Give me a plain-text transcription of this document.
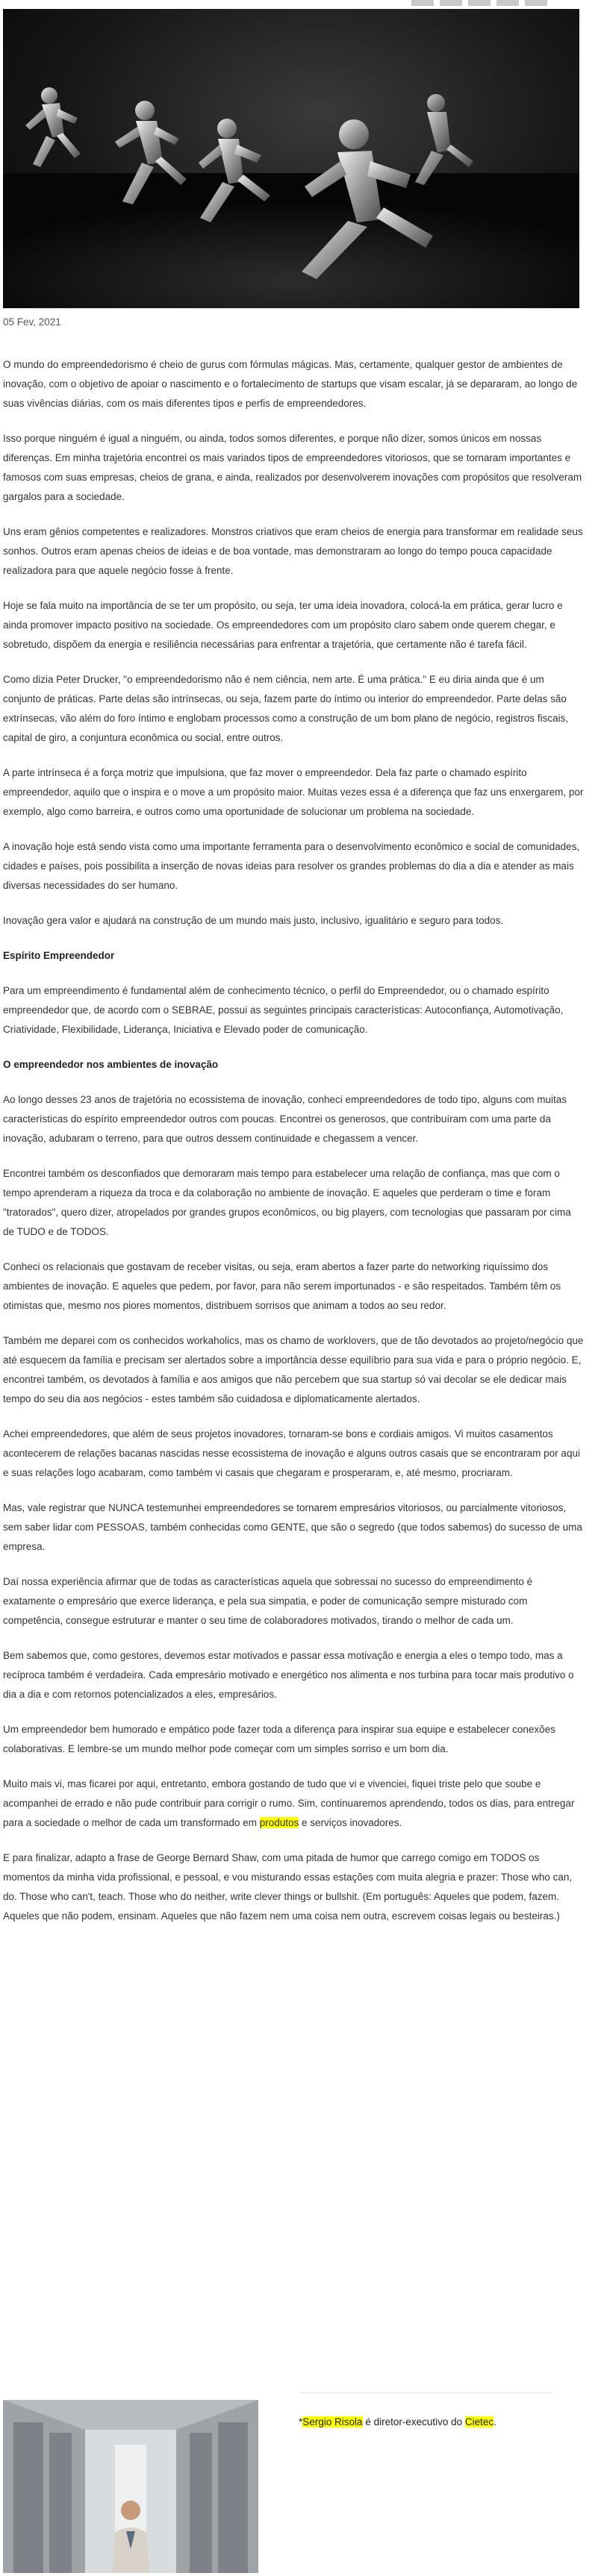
05 Fev, 2021

O mundo do empreendedorismo é cheio de gurus com fórmulas mágicas. Mas, certamente, qualquer gestor de ambientes de inovação, com o objetivo de apoiar o nascimento e o fortalecimento de startups que visam escalar, já se depararam, ao longo de suas vivências diárias, com os mais diferentes tipos e perfis de empreendedores.

Isso porque ninguém é igual a ninguém, ou ainda, todos somos diferentes, e porque não dizer, somos únicos em nossas diferenças. Em minha trajetória encontrei os mais variados tipos de empreendedores vitoriosos, que se tornaram importantes e famosos com suas empresas, cheios de grana, e ainda, realizados por desenvolverem inovações com propósitos que resolveram gargalos para a sociedade.

Uns eram gênios competentes e realizadores. Monstros criativos que eram cheios de energia para transformar em realidade seus sonhos. Outros eram apenas cheios de ideias e de boa vontade, mas demonstraram ao longo do tempo pouca capacidade realizadora para que aquele negócio fosse à frente.

Hoje se fala muito na importância de se ter um propósito, ou seja, ter uma ideia inovadora, colocá-la em prática, gerar lucro e ainda promover impacto positivo na sociedade. Os empreendedores com um propósito claro sabem onde querem chegar, e sobretudo, dispõem da energia e resiliência necessárias para enfrentar a trajetória, que certamente não é tarefa fácil.

Como dizia Peter Drucker, "o empreendedorismo não é nem ciência, nem arte. É uma prática." E eu diria ainda que é um conjunto de práticas. Parte delas são intrínsecas, ou seja, fazem parte do íntimo ou interior do empreendedor. Parte delas são extrínsecas, vão além do foro íntimo e englobam processos como a construção de um bom plano de negócio, registros fiscais, capital de giro, a conjuntura econômica ou social, entre outros.

A parte intrínseca é a força motriz que impulsiona, que faz mover o empreendedor. Dela faz parte o chamado espírito empreendedor, aquilo que o inspira e o move a um propósito maior. Muitas vezes essa é a diferença que faz uns enxergarem, por exemplo, algo como barreira, e outros como uma oportunidade de solucionar um problema na sociedade.

A inovação hoje está sendo vista como uma importante ferramenta para o desenvolvimento econômico e social de comunidades, cidades e países, pois possibilita a inserção de novas ideias para resolver os grandes problemas do dia a dia e atender as mais diversas necessidades do ser humano.

Inovação gera valor e ajudará na construção de um mundo mais justo, inclusivo, igualitário e seguro para todos.

Espírito Empreendedor

Para um empreendimento é fundamental além de conhecimento técnico, o perfil do Empreendedor, ou o chamado espírito empreendedor que, de acordo com o SEBRAE, possui as seguintes principais características: Autoconfiança, Automotivação, Criatividade, Flexibilidade, Liderança, Iniciativa e Elevado poder de comunicação.

O empreendedor nos ambientes de inovação

Ao longo desses 23 anos de trajetória no ecossistema de inovação, conheci empreendedores de todo tipo, alguns com muitas características do espírito empreendedor outros com poucas. Encontrei os generosos, que contribuíram com uma parte da inovação, adubaram o terreno, para que outros dessem continuidade e chegassem a vencer.

Encontrei também os desconfiados que demoraram mais tempo para estabelecer uma relação de confiança, mas que com o tempo aprenderam a riqueza da troca e da colaboração no ambiente de inovação. E aqueles que perderam o time e foram "tratorados", quero dizer, atropelados por grandes grupos econômicos, ou big players, com tecnologias que passaram por cima de TUDO e de TODOS.

Conheci os relacionais que gostavam de receber visitas, ou seja, eram abertos a fazer parte do networking riquíssimo dos ambientes de inovação. E aqueles que pedem, por favor, para não serem importunados - e são respeitados. Também têm os otimistas que, mesmo nos piores momentos, distribuem sorrisos que animam a todos ao seu redor.

Também me deparei com os conhecidos workaholics, mas os chamo de worklovers, que de tão devotados ao projeto/negócio que até esquecem da família e precisam ser alertados sobre a importância desse equilíbrio para sua vida e para o próprio negócio. E, encontrei também, os devotados à família e aos amigos que não percebem que sua startup só vai decolar se ele dedicar mais tempo do seu dia aos negócios - estes também são cuidadosa e diplomaticamente alertados.

Achei empreendedores, que além de seus projetos inovadores, tornaram-se bons e cordiais amigos. Vi muitos casamentos acontecerem de relações bacanas nascidas nesse ecossistema de inovação e alguns outros casais que se encontraram por aqui e suas relações logo acabaram, como também vi casais que chegaram e prosperaram, e, até mesmo, procriaram.

Mas, vale registrar que NUNCA testemunhei empreendedores se tornarem empresários vitoriosos, ou parcialmente vitoriosos, sem saber lidar com PESSOAS, também conhecidas como GENTE, que são o segredo (que todos sabemos) do sucesso de uma empresa.

Daí nossa experiência afirmar que de todas as características aquela que sobressai no sucesso do empreendimento é exatamente o empresário que exerce liderança, e pela sua simpatia, e poder de comunicação sempre misturado com competência, consegue estruturar e manter o seu time de colaboradores motivados, tirando o melhor de cada um.

Bem sabemos que, como gestores, devemos estar motivados e passar essa motivação e energia a eles o tempo todo, mas a recíproca também é verdadeira. Cada empresário motivado e energético nos alimenta e nos turbina para tocar mais produtivo o dia a dia e com retornos potencializados a eles, empresários.

Um empreendedor bem humorado e empático pode fazer toda a diferença para inspirar sua equipe e estabelecer conexões colaborativas. E lembre-se um mundo melhor pode começar com um simples sorriso e um bom dia.

Muito mais vi, mas ficarei por aqui, entretanto, embora gostando de tudo que vi e vivenciei, fiquei triste pelo que soube e acompanhei de errado e não pude contribuir para corrigir o rumo. Sim, continuaremos aprendendo, todos os dias, para entregar para a sociedade o melhor de cada um transformado em produtos e serviços inovadores.

E para finalizar, adapto a frase de George Bernard Shaw, com uma pitada de humor que carrego comigo em TODOS os momentos da minha vida profissional, e pessoal, e vou misturando essas estações com muita alegria e prazer: Those who can, do. Those who can't, teach. Those who do neither, write clever things or bullshit. (Em português: Aqueles que podem, fazem. Aqueles que não podem, ensinam. Aqueles que não fazem nem uma coisa nem outra, escrevem coisas legais ou besteiras.)

*Sergio Risola é diretor-executivo do Cietec.
